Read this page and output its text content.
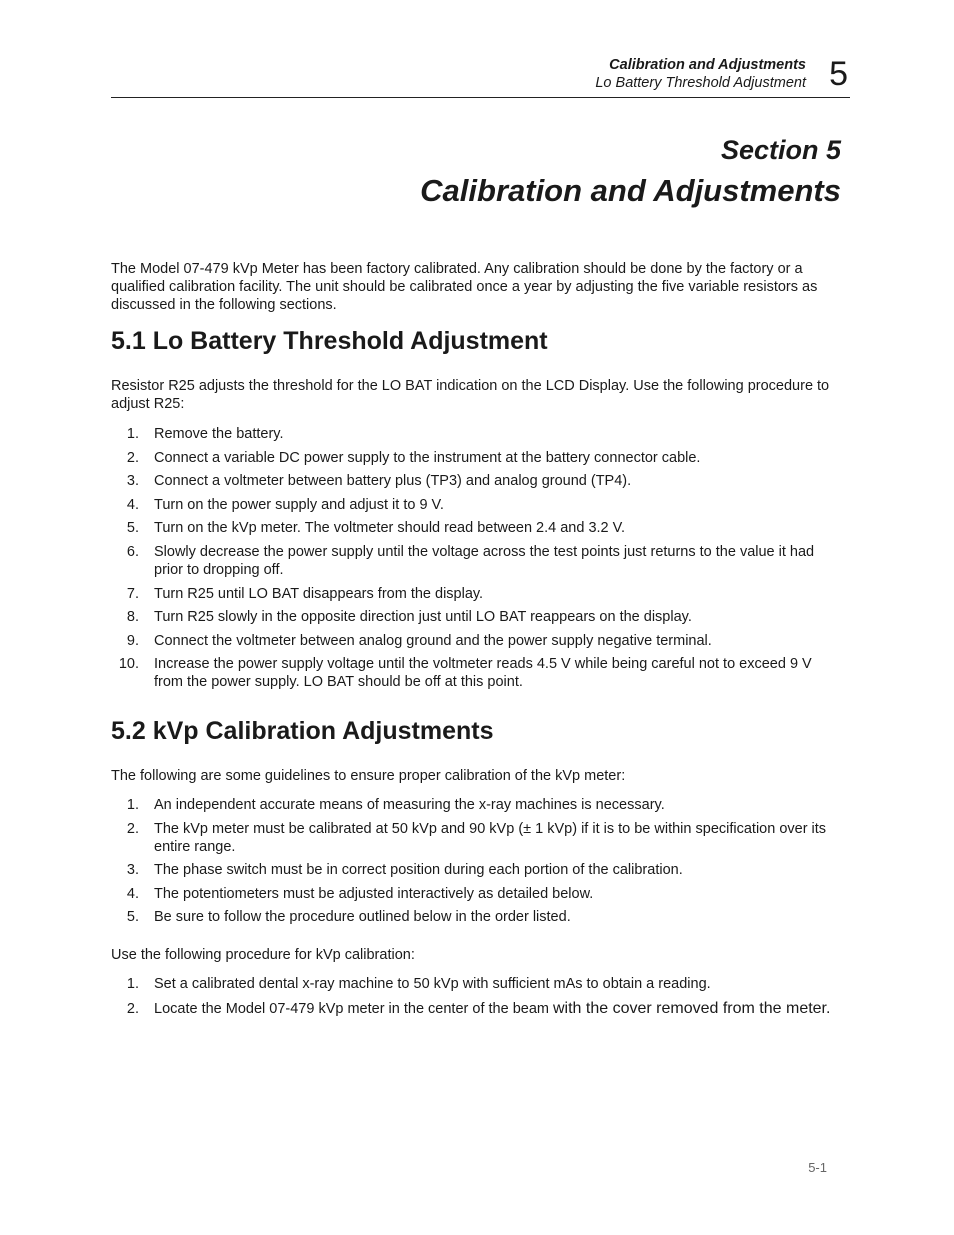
Calibration and Adjustments
Lo Battery Threshold Adjustment 5
Section 5
Calibration and Adjustments
The Model 07-479 kVp Meter has been factory calibrated. Any calibration should be done by the factory or a qualified calibration facility. The unit should be calibrated once a year by adjusting the five variable resistors as discussed in the following sections.
5.1 Lo Battery Threshold Adjustment

Resistor R25 adjusts the threshold for the LO BAT indication on the LCD Display. Use the following procedure to adjust R25:

1. Remove the battery.
2. Connect a variable DC power supply to the instrument at the battery connector cable.
3. Connect a voltmeter between battery plus (TP3) and analog ground (TP4).
4. Turn on the power supply and adjust it to 9 V.
5. Turn on the kVp meter. The voltmeter should read between 2.4 and 3.2 V.
6. Slowly decrease the power supply until the voltage across the test points just returns to the value it had prior to dropping off.
7. Turn R25 until LO BAT disappears from the display.
8. Turn R25 slowly in the opposite direction just until LO BAT reappears on the display.
9. Connect the voltmeter between analog ground and the power supply negative terminal.
10. Increase the power supply voltage until the voltmeter reads 4.5 V while being careful not to exceed 9 V from the power supply. LO BAT should be off at this point.
5.2 kVp Calibration Adjustments

The following are some guidelines to ensure proper calibration of the kVp meter:

1. An independent accurate means of measuring the x-ray machines is necessary.
2. The kVp meter must be calibrated at 50 kVp and 90 kVp (± 1 kVp) if it is to be within specification over its entire range.
3. The phase switch must be in correct position during each portion of the calibration.
4. The potentiometers must be adjusted interactively as detailed below.
5. Be sure to follow the procedure outlined below in the order listed.

Use the following procedure for kVp calibration:

1. Set a calibrated dental x-ray machine to 50 kVp with sufficient mAs to obtain a reading.
2. Locate the Model 07-479 kVp meter in the center of the beam with the cover removed from the meter.
5-1
